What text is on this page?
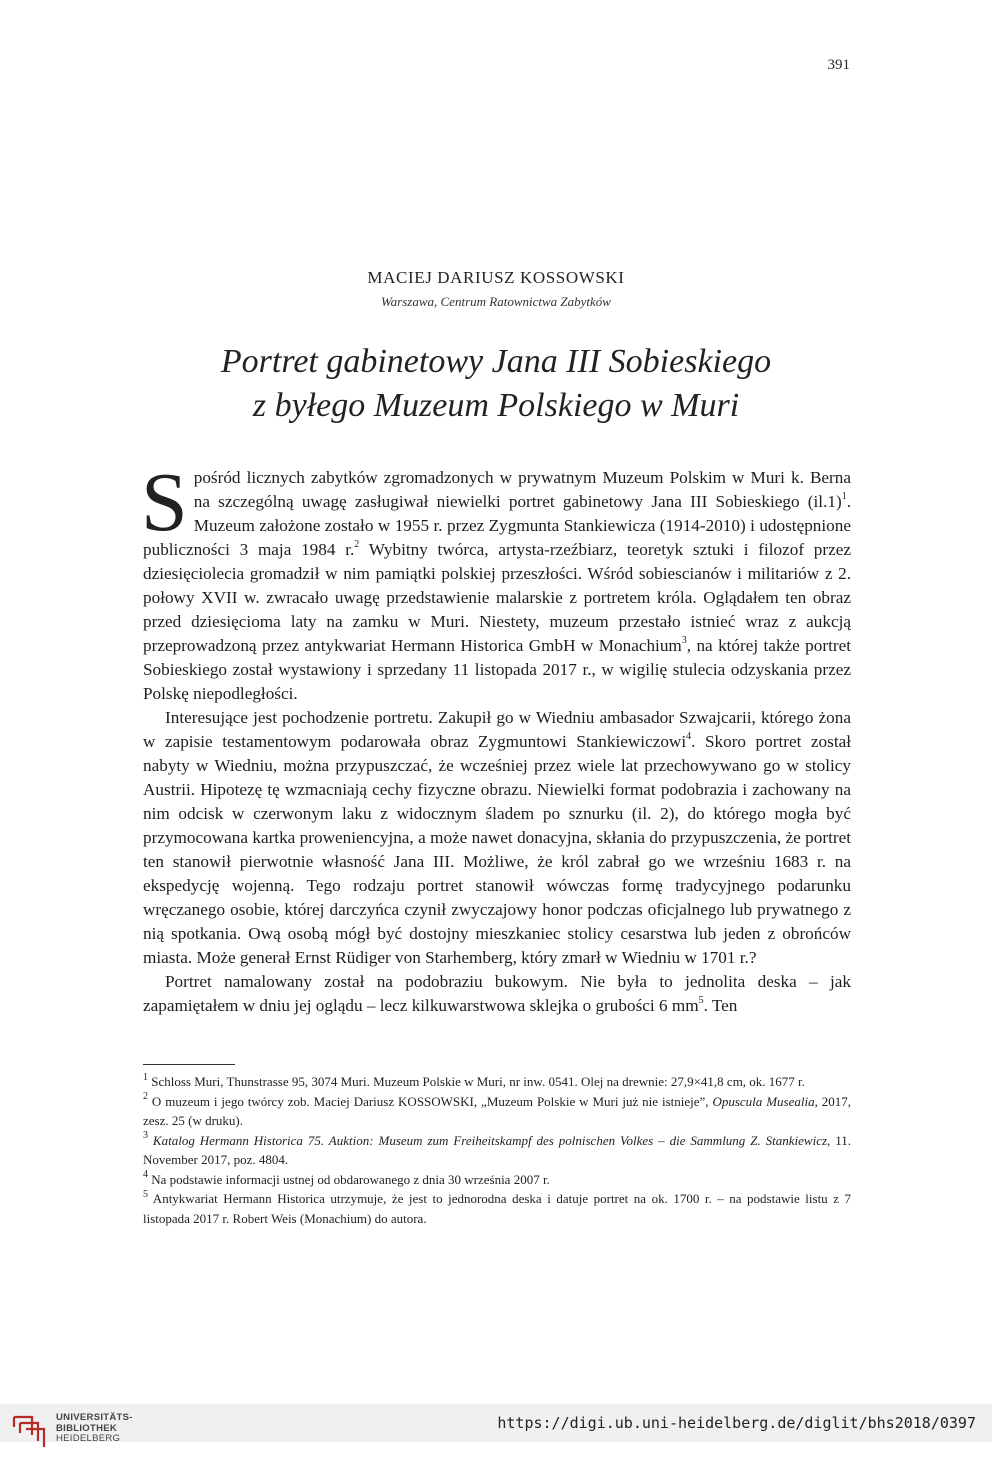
391
MACIEJ DARIUSZ KOSSOWSKI
Warszawa, Centrum Ratownictwa Zabytków
Portret gabinetowy Jana III Sobieskiego
z byłego Muzeum Polskiego w Muri

Spośród licznych zabytków zgromadzonych w prywatnym Muzeum Polskim w Muri k. Berna na szczególną uwagę zasługiwał niewielki portret gabinetowy Jana III Sobieskiego $(il.1)^1$. Muzeum założone zostało w 1955 r. przez Zygmunta Stankiewicza (1914-2010) i udostępnione publiczności 3 maja 1984 r.$^2$ Wybitny twórca, artysta-rzeźbiarz, teoretyk sztuki i filozof przez dziesięciolecia gromadził w nim pamiątki polskiej przeszłości. Wśród sobiescianów i militariów z 2. połowy XVII w. zwracało uwagę przedstawienie malarskie z portretem króla. Oglądałem ten obraz przed dziesięcioma laty na zamku w Muri. Niestety, muzeum przestało istnieć wraz z aukcją przeprowadzoną przez antykwariat Hermann Historica GmbH w Monachium$^3$, na której także portret Sobieskiego został wystawiony i sprzedany 11 listopada 2017 r., w wigilię stulecia odzyskania przez Polskę niepodległości.

Interesujące jest pochodzenie portretu. Zakupił go w Wiedniu ambasador Szwajcarii, którego żona w zapisie testamentowym podarowała obraz Zygmuntowi Stankiewiczowi$^4$. Skoro portret został nabyty w Wiedniu, można przypuszczać, że wcześniej przez wiele lat przechowywano go w stolicy Austrii. Hipotezę tę wzmacniają cechy fizyczne obrazu. Niewielki format podobrazia i zachowany na nim odcisk w czerwonym laku z widocznym śladem po sznurku (il. 2), do którego mogła być przymocowana kartka proweniencyjna, a może nawet donacyjna, skłania do przypuszczenia, że portret ten stanowił pierwotnie własność Jana III. Możliwe, że król zabrał go we wrześniu 1683 r. na ekspedycję wojenną. Tego rodzaju portret stanowił wówczas formę tradycyjnego podarunku wręczanego osobie, której darczyńca czynił zwyczajowy honor podczas oficjalnego lub prywatnego z nią spotkania. Ową osobą mógł być dostojny mieszkaniec stolicy cesarstwa lub jeden z obrońców miasta. Może generał Ernst Rüdiger von Starhemberg, który zmarł w Wiedniu w 1701 r.?

Portret namalowany został na podobraziu bukowym. Nie była to jednolita deska – jak zapamiętałem w dniu jej oglądu – lecz kilkuwarstwowa sklejka o grubości 6 $mm^5$. Ten

$^1$ Schloss Muri, Thunstrasse 95, 3074 Muri. Muzeum Polskie w Muri, nr inw. 0541. Olej na drewnie: 27,9×41,8 cm, ok. 1677 r.

$^2$ O muzeum i jego twórcy zob. Maciej Dariusz KOSSOWSKI, „Muzeum Polskie w Muri już nie istnieje”, Opuscula Musealia, 2017, zesz. 25 (w druku).

$^3$ Katalog Hermann Historica 75. Auktion: Museum zum Freiheitskampf des polnischen Volkes – die Sammlung Z. Stankiewicz, 11. November 2017, poz. 4804.

$^4$ Na podstawie informacji ustnej od obdarowanego z dnia 30 września 2007 r.

$^5$ Antykwariat Hermann Historica utrzymuje, że jest to jednorodna deska i datuje portret na ok. 1700 r. – na podstawie listu z 7 listopada 2017 r. Robert Weis (Monachium) do autora.

UNIVERSITÄTS-
BIBLIOTHEK
HEIDELBERG
https://digi.ub.uni-heidelberg.de/diglit/bhs2018/0397
